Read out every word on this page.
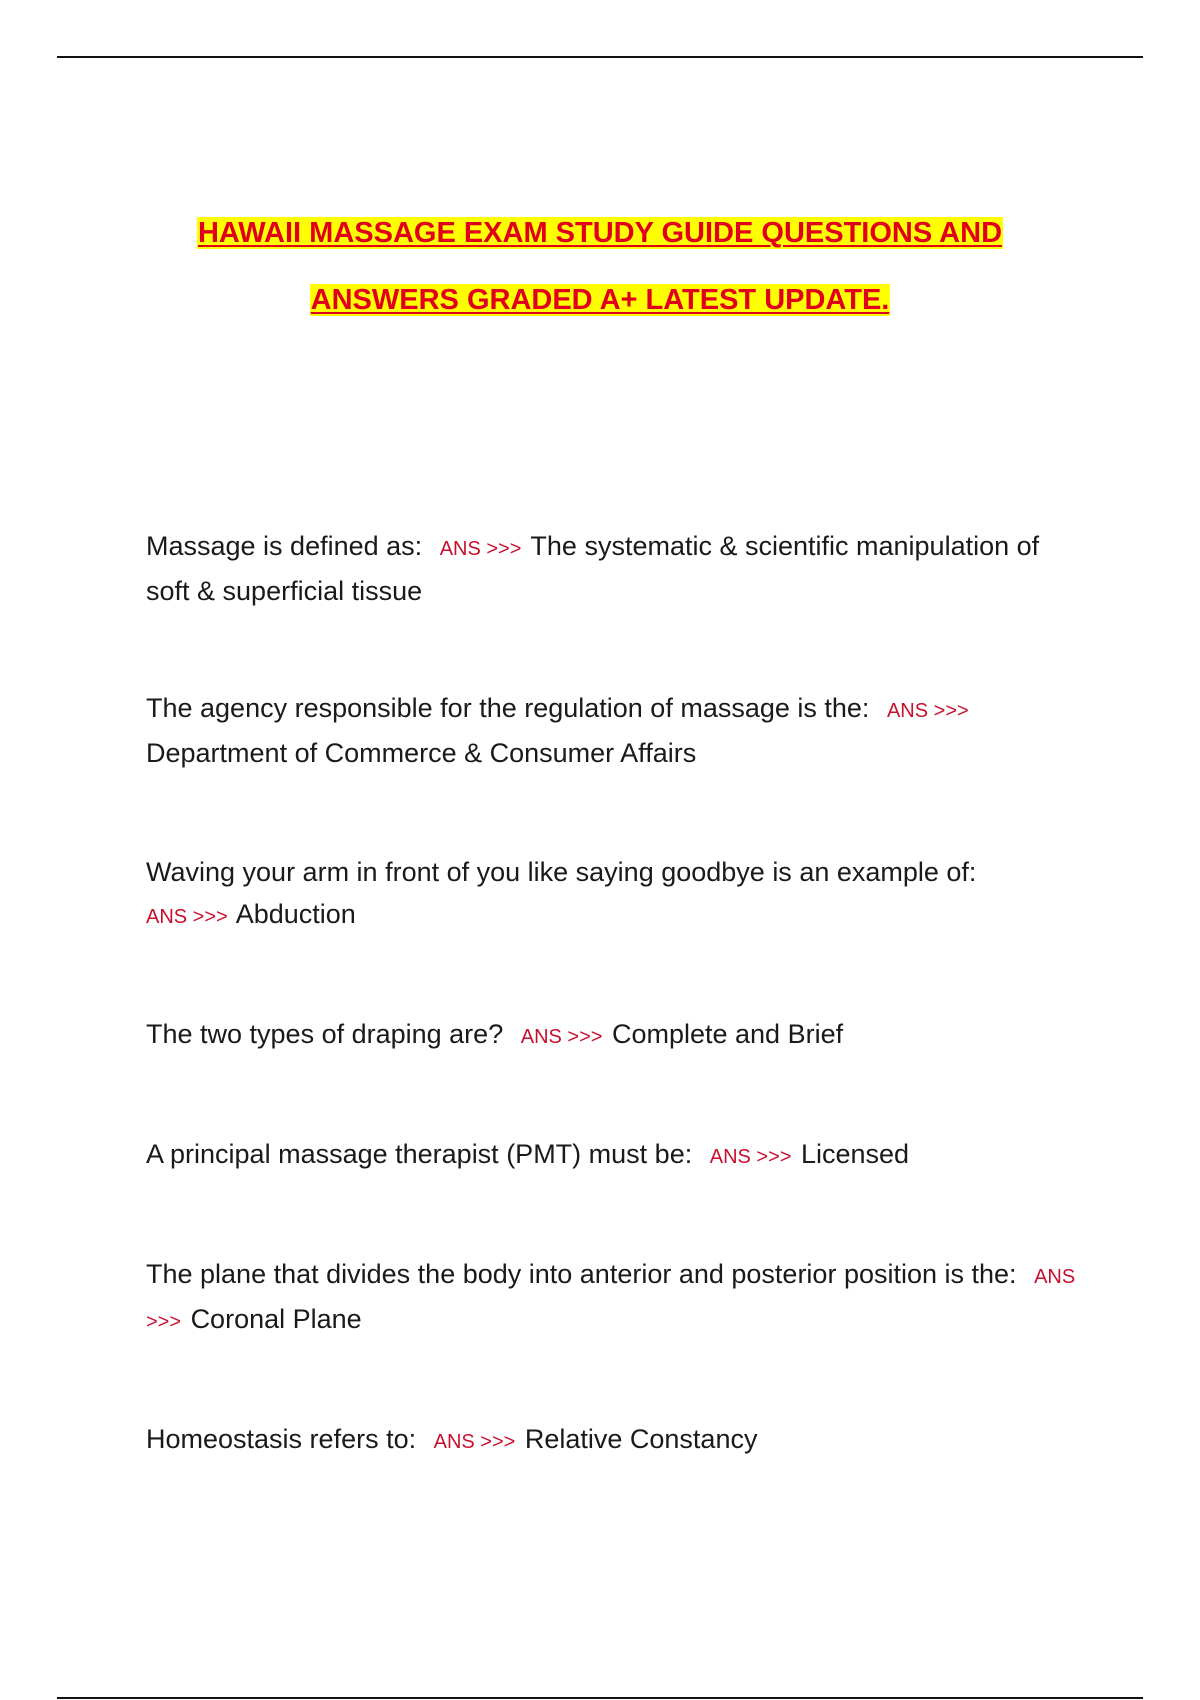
HAWAII MASSAGE EXAM STUDY GUIDE QUESTIONS AND
ANSWERS GRADED A+ LATEST UPDATE.
Massage is defined as: ANS >>> The systematic & scientific manipulation of soft & superficial tissue
The agency responsible for the regulation of massage is the: ANS >>>
Department of Commerce & Consumer Affairs
Waving your arm in front of you like saying goodbye is an example of:
ANS >>> Abduction
The two types of draping are? ANS >>> Complete and Brief
A principal massage therapist (PMT) must be: ANS >>> Licensed
The plane that divides the body into anterior and posterior position is the: ANS >>> Coronal Plane
Homeostasis refers to: ANS >>> Relative Constancy
